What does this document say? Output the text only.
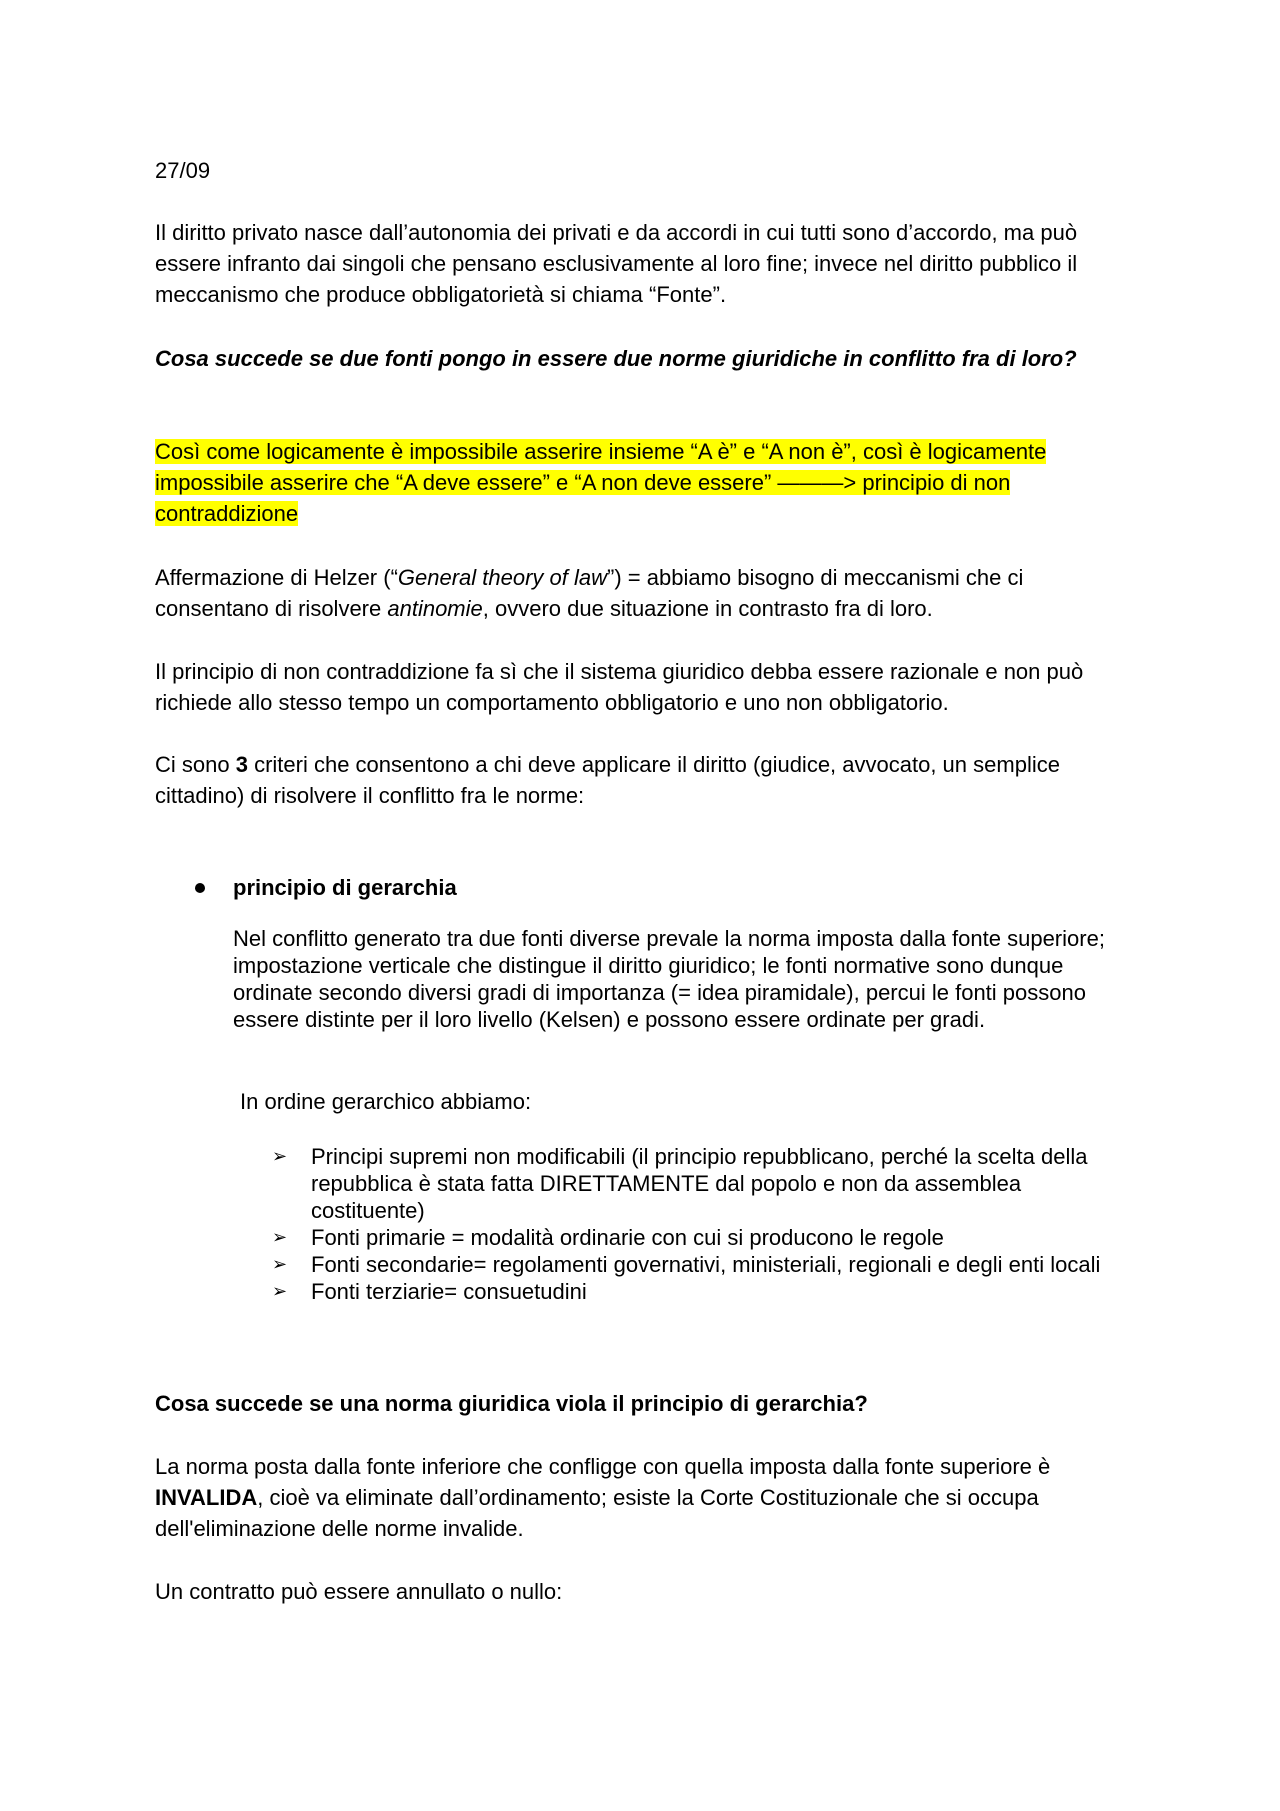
27/09

Il diritto privato nasce dall’autonomia dei privati e da accordi in cui tutti sono d’accordo, ma può essere infranto dai singoli che pensano esclusivamente al loro fine; invece nel diritto pubblico il meccanismo che produce obbligatorietà si chiama “Fonte”.

Cosa succede se due fonti pongo in essere due norme giuridiche in conflitto fra di loro?

Così come logicamente è impossibile asserire insieme “A è” e “A non è”, così è logicamente impossibile asserire che “A deve essere” e “A non deve essere” ———> principio di non contraddizione

Affermazione di Helzer (“General theory of law”) = abbiamo bisogno di meccanismi che ci consentano di risolvere antinomie, ovvero due situazione in contrasto fra di loro.

Il principio di non contraddizione fa sì che il sistema giuridico debba essere razionale e non può richiede allo stesso tempo un comportamento obbligatorio e uno non obbligatorio.

Ci sono 3 criteri che consentono a chi deve applicare il diritto (giudice, avvocato, un semplice cittadino) di risolvere il conflitto fra le norme:

principio di gerarchia

Nel conflitto generato tra due fonti diverse prevale la norma imposta dalla fonte superiore; impostazione verticale che distingue il diritto giuridico; le fonti normative sono dunque ordinate secondo diversi gradi di importanza (= idea piramidale), percui le fonti possono essere distinte per il loro livello (Kelsen) e possono essere ordinate per gradi.

In ordine gerarchico abbiamo:

➢ Principi supremi non modificabili (il principio repubblicano, perché la scelta della repubblica è stata fatta DIRETTAMENTE dal popolo e non da assemblea costituente)
➢ Fonti primarie = modalità ordinarie con cui si producono le regole
➢ Fonti secondarie= regolamenti governativi, ministeriali, regionali e degli enti locali
➢ Fonti terziarie= consuetudini

Cosa succede se una norma giuridica viola il principio di gerarchia?

La norma posta dalla fonte inferiore che confligge con quella imposta dalla fonte superiore è INVALIDA, cioè va eliminate dall’ordinamento; esiste la Corte Costituzionale che si occupa dell'eliminazione delle norme invalide.

Un contratto può essere annullato o nullo:
